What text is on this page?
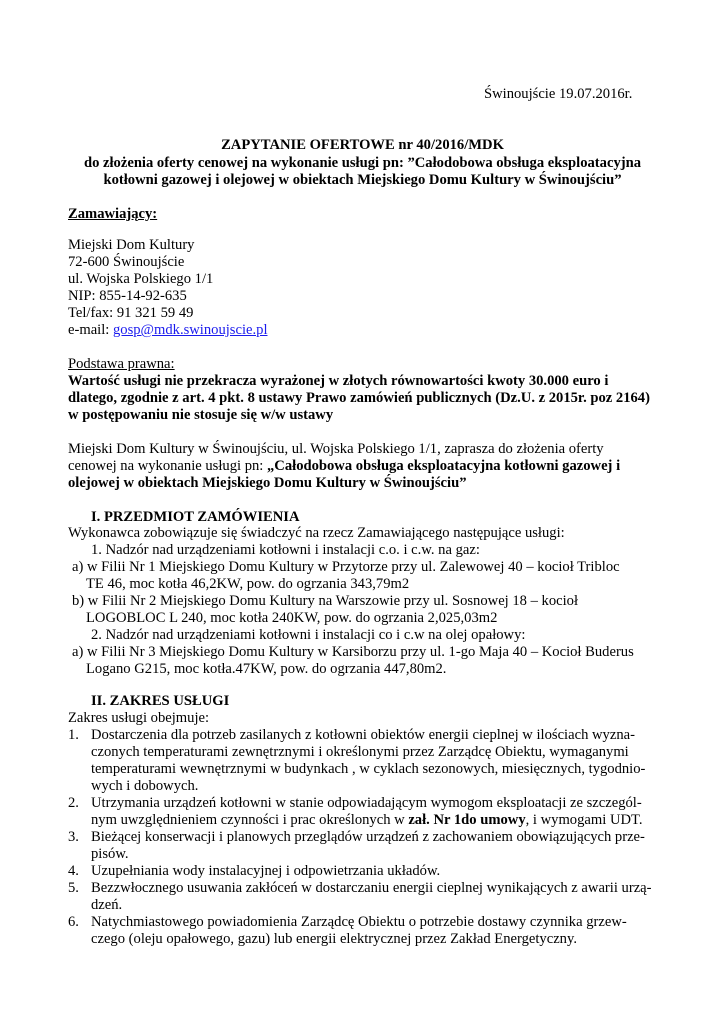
Świnoujście 19.07.2016r.
ZAPYTANIE OFERTOWE nr 40/2016/MDK
do złożenia oferty cenowej na wykonanie usługi pn: ”Całodobowa obsługa eksploatacyjna
kotłowni gazowej i olejowej w obiektach Miejskiego Domu Kultury w Świnoujściu”
Zamawiający:
Miejski Dom Kultury
72-600 Świnoujście
ul. Wojska Polskiego 1/1
NIP: 855-14-92-635
Tel/fax: 91 321 59 49
e-mail: gosp@mdk.swinoujscie.pl
Podstawa prawna:
Wartość usługi nie przekracza wyrażonej w złotych równowartości kwoty 30.000 euro i
dlatego, zgodnie z art. 4 pkt. 8 ustawy Prawo zamówień publicznych (Dz.U. z 2015r. poz 2164)
w postępowaniu nie stosuje się w/w ustawy
Miejski Dom Kultury w Świnoujściu, ul. Wojska Polskiego 1/1, zaprasza do złożenia oferty
cenowej na wykonanie usługi pn: „Całodobowa obsługa eksploatacyjna kotłowni gazowej i
olejowej w obiektach Miejskiego Domu Kultury w Świnoujściu”
I. PRZEDMIOT ZAMÓWIENIA
Wykonawca zobowiązuje się świadczyć na rzecz Zamawiającego następujące usługi:
1. Nadzór nad urządzeniami kotłowni i instalacji c.o. i c.w. na gaz:
a) w Filii Nr 1 Miejskiego Domu Kultury w Przytorze przy ul. Zalewowej 40 – kocioł Tribloc
TE 46, moc kotła 46,2KW, pow. do ogrzania 343,79m2
b) w Filii Nr 2 Miejskiego Domu Kultury na Warszowie przy ul. Sosnowej 18 – kocioł
LOGOBLOC L 240, moc kotła 240KW, pow. do ogrzania 2,025,03m2
2. Nadzór nad urządzeniami kotłowni i instalacji co i c.w na olej opałowy:
a) w Filii Nr 3 Miejskiego Domu Kultury w Karsiborzu przy ul. 1-go Maja 40 – Kocioł Buderus
Logano G215, moc kotła.47KW, pow. do ogrzania 447,80m2.
II. ZAKRES USŁUGI
Zakres usługi obejmuje:
1. Dostarczenia dla potrzeb zasilanych z kotłowni obiektów energii cieplnej w ilościach wyzna-
czonych temperaturami zewnętrznymi i określonymi przez Zarządcę Obiektu, wymaganymi
temperaturami wewnętrznymi w budynkach , w cyklach sezonowych, miesięcznych, tygodnio-
wych i dobowych.
2. Utrzymania urządzeń kotłowni w stanie odpowiadającym wymogom eksploatacji ze szczegól-
nym uwzględnieniem czynności i prac określonych w zał. Nr 1do umowy, i wymogami UDT.
3. Bieżącej konserwacji i planowych przeglądów urządzeń z zachowaniem obowiązujących prze-
pisów.
4. Uzupełniania wody instalacyjnej i odpowietrzania układów.
5. Bezzwłocznego usuwania zakłóceń w dostarczaniu energii cieplnej wynikających z awarii urzą-
dzeń.
6. Natychmiastowego powiadomienia Zarządcę Obiektu o potrzebie dostawy czynnika grzew-
czego (oleju opałowego, gazu) lub energii elektrycznej przez Zakład Energetyczny.
